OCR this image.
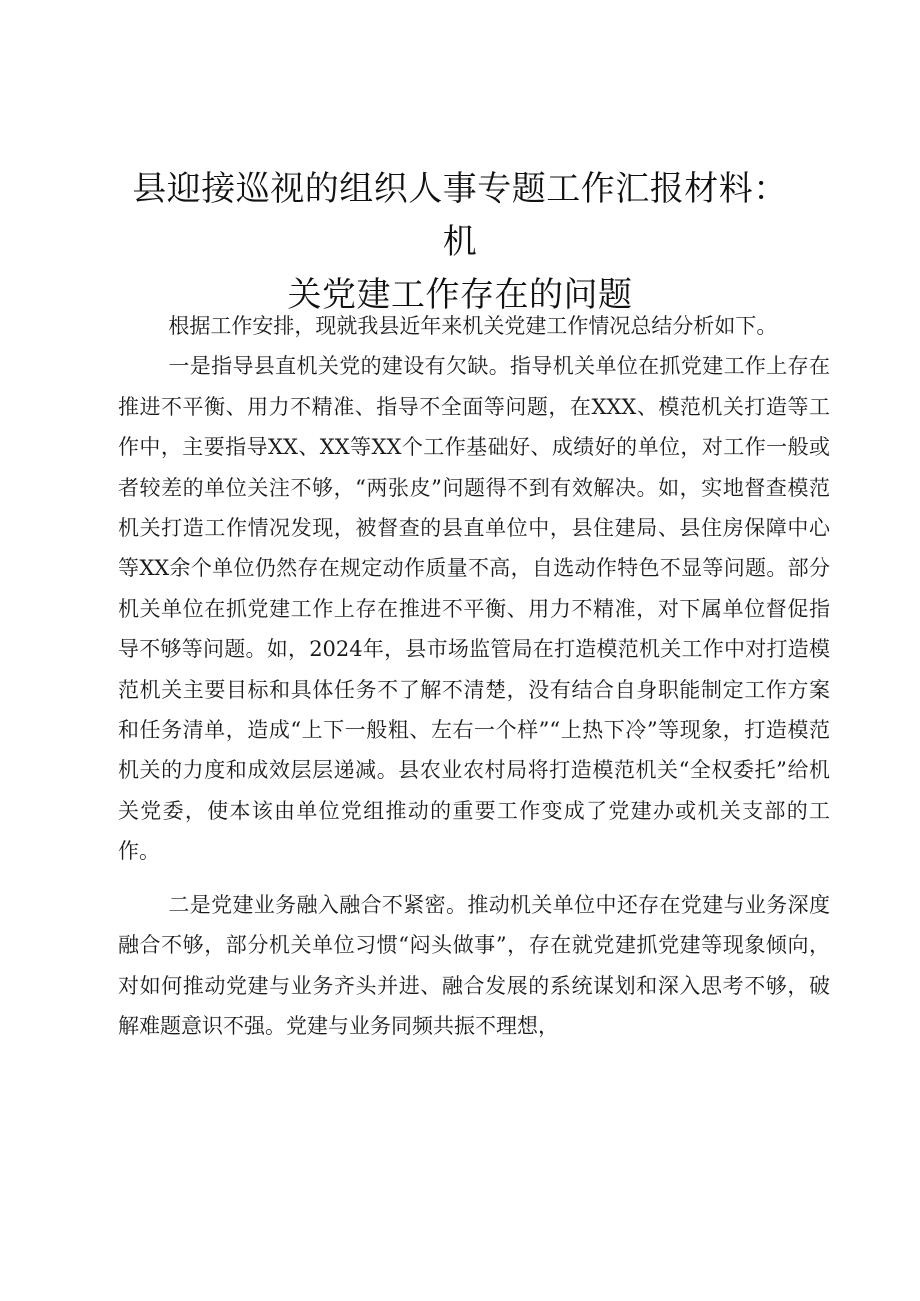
县迎接巡视的组织人事专题工作汇报材料：机
关党建工作存在的问题

根据工作安排，现就我县近年来机关党建工作情况总结分析如下。

一是指导县直机关党的建设有欠缺。指导机关单位在抓党建工作上存在推进不平衡、用力不精准、指导不全面等问题，在XXX、模范机关打造等工作中，主要指导XX、XX等XX个工作基础好、成绩好的单位，对工作一般或者较差的单位关注不够，“两张皮”问题得不到有效解决。如，实地督查模范机关打造工作情况发现，被督查的县直单位中，县住建局、县住房保障中心等XX余个单位仍然存在规定动作质量不高，自选动作特色不显等问题。部分机关单位在抓党建工作上存在推进不平衡、用力不精准，对下属单位督促指导不够等问题。如，2024年，县市场监管局在打造模范机关工作中对打造模范机关主要目标和具体任务不了解不清楚，没有结合自身职能制定工作方案和任务清单，造成“上下一般粗、左右一个样”“上热下冷”等现象，打造模范机关的力度和成效层层递减。县农业农村局将打造模范机关“全权委托”给机关党委，使本该由单位党组推动的重要工作变成了党建办或机关支部的工作。

二是党建业务融入融合不紧密。推动机关单位中还存在党建与业务深度融合不够，部分机关单位习惯“闷头做事”，存在就党建抓党建等现象倾向，对如何推动党建与业务齐头并进、融合发展的系统谋划和深入思考不够，破解难题意识不强。党建与业务同频共振不理想，
